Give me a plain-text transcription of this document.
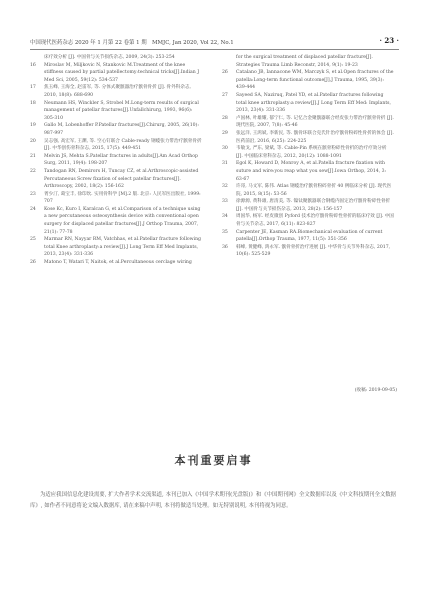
中国现代医药杂志 2020 年 1 月第 22 卷第 1 期　MMJC, Jan 2020, Vol 22, No.1	· 23 ·

床疗效分析 [J]. 中国骨与关节损伤杂志, 2009, 24(3): 253-254

16	Miroslav M, Miljkovic N, Stankovic M.Treatment of the knee stiffness caused by partial patellectomy:technical tricks[J].Indian J Med Sci, 2005, 59(12): 534-537

17	焦玉峰, 王海全, 赵雷军, 等. 分体式聚髌器治疗髌骨骨折 [J]. 骨外科杂志, 2010, 18(8): 688-690

18	Neumann HS, Winckler S, Strobel M.Long-term results of surgical management of patellar fractures[J].Unfallchirurg, 1993, 96(6): 305-310

19	Gallo M, Lobenhoffer P.Patellar fractures[J].Chirurg, 2005, 26(10): 987-997

20	吴志强, 高宏军, 王渊, 等. 空心钉联合 Cable-ready 钢缆张力带治疗髌骨骨折 [J]. 中华创伤骨科杂志, 2015, 17(5): 449-451

21	Melvin JS, Mehta S.Patellar fractures in adults[J].Am Acad Orthop Surg, 2011, 19(4): 198-207

22	Tandogan RN, Demirors H, Tuncay CZ, et al.Arthroscopic-assisted Percutaneous Screw fixation of select patellar fractures[J]. Arthroscopy, 2002, 18(2): 156-162

23	胥少汀, 葛宝丰, 徐印坎. 实用骨科学 [M].2 版. 北京: 人民军医出版社, 1999: 707

24	Kose Kc, Kuro I, Karalcan G, et al.Comparison of a technique using a new percutaneous osteosynthesis device with conventional open surgery for displaced patellar fractures[J].J Orthop Trauma, 2007, 21(1): 77-78

25	Marmar RN, Nayyar RM, Vatchhas, et al.Patellar fracture following total Knee arthroplasty:a review[J].J Long Term Eff Med Implants, 2013, 23(4): 331-336

26	Matono T, Watari T, Naitok, et al.Percultaneous cerclage wiring

for the surgical treatment of displaced patellar fracture[J]. Strategies Trauma Limb Reconstr, 2014, 9(1): 19-23

26	Catalano JB, Iannacone WM, Marczyk S, et al.Open fractures of the patella:Long-term functional outcome[J].J Trauma, 1995, 39(3): 439-444

27	Sayeed SA, Naziruq, Patel YD, et al.Patellar fractures following total knee arthroplasty:a review[J].J Long Term Eff Med: Implants, 2013, 23(4): 331-336

28	卢国林, 叶雄耀, 郁宁仁, 等. 记忆合金聚髌器联合经皮张力带治疗髌骨骨折 [J]. 现代医院, 2007, 7(8): 45-46

29	张远洋, 王鸿斌, 李新民, 等. 髌骨环联合克氏针治疗髌骨粉碎性骨折的体会 [J]. 医药前沿, 2016, 6(25): 224-225

30	韦敏戈, 严东, 梁斌, 等. Cable-Pin 系统在髌骨粉碎性骨折的治疗疗效分析 [J]. 中国临床骨科杂志, 2012, 20(12): 1088-1091

31	Egol K, Howard D, Monroy A, et al.Patella fracture fixation with suture and wire:you reap what you sew[J].Iowa Orthop, 2014, 3: 63-67

32	许哥, 马文军, 陈伟. Atlas 钢缆治疗髌骨粉碎骨折 40 例临床分析 [J]. 现代医院, 2015, 8(15): 53-56

33	徐源源, 黄科雄, 唐清美, 等. 镍钛聚髌器联合钢缆内固定治疗髌骨粉碎性骨折 [J]. 中国骨与关节损伤杂志, 2013, 28(2): 156-157

34	周国华, 杨军. 经皮微创 Pyford 技术治疗髌骨粉碎性骨折的临床疗效 [J]. 中国骨与关节杂志, 2017, 6(11): 823-827

35	Carpenter JE, Kasman RA.Biomechanical evaluation of current patella[J].Orthop Trauma, 1977, 11(5): 351-356

36	韩峰, 黄健峰, 鸿永军. 髌骨骨折治疗进展 [J]. 中华骨与关节外科杂志, 2017, 10(6): 525-529

(收稿: 2019-09-05)
本刊重要启事

为适应我国信息化建设需要, 扩大作者学术交流渠道, 本刊已加入《中国学术期刊(光盘版)》和《中国期刊网》全文数据库以及《中文科技期刊全文数据库》, 如作者不同意将论文编入数据库, 请在来稿中声明, 本刊将做适当处理。如无特别说明, 本刊将视为同意。
